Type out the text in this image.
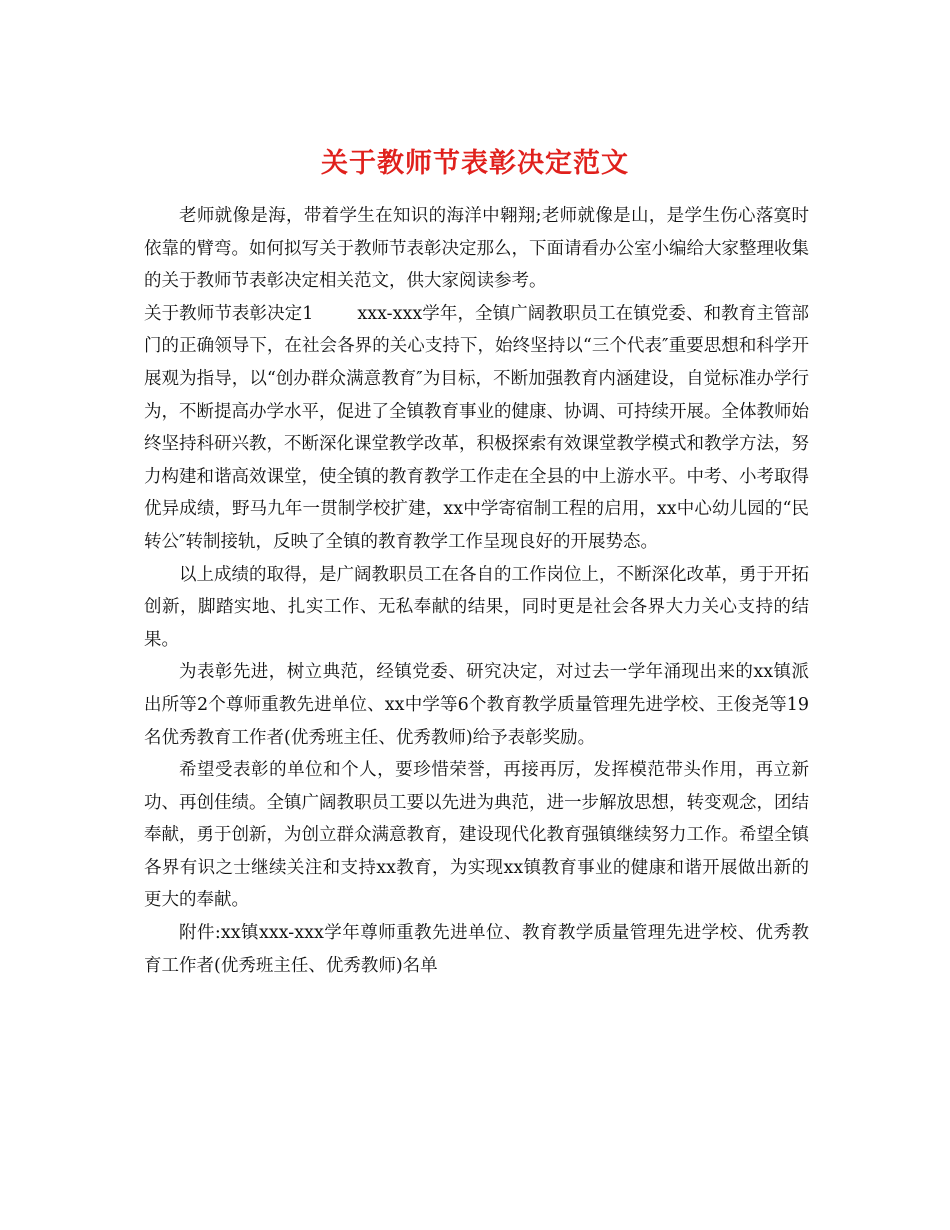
关于教师节表彰决定范文

老师就像是海，带着学生在知识的海洋中翱翔;老师就像是山，是学生伤心落寞时依靠的臂弯。如何拟写关于教师节表彰决定那么，下面请看办公室小编给大家整理收集的关于教师节表彰决定相关范文，供大家阅读参考。

关于教师节表彰决定1	xxx-xxx学年，全镇广阔教职员工在镇党委、和教育主管部门的正确领导下，在社会各界的关心支持下，始终坚持以“三个代表″重要思想和科学开展观为指导，以“创办群众满意教育″为目标，不断加强教育内涵建设，自觉标准办学行为，不断提高办学水平，促进了全镇教育事业的健康、协调、可持续开展。全体教师始终坚持科研兴教，不断深化课堂教学改革，积极探索有效课堂教学模式和教学方法，努力构建和谐高效课堂，使全镇的教育教学工作走在全县的中上游水平。中考、小考取得优异成绩，野马九年一贯制学校扩建，xx中学寄宿制工程的启用，xx中心幼儿园的“民转公″转制接轨，反映了全镇的教育教学工作呈现良好的开展势态。

以上成绩的取得，是广阔教职员工在各自的工作岗位上，不断深化改革，勇于开拓创新，脚踏实地、扎实工作、无私奉献的结果，同时更是社会各界大力关心支持的结果。

为表彰先进，树立典范，经镇党委、研究决定，对过去一学年涌现出来的xx镇派出所等2个尊师重教先进单位、xx中学等6个教育教学质量管理先进学校、王俊尧等19名优秀教育工作者(优秀班主任、优秀教师)给予表彰奖励。

希望受表彰的单位和个人，要珍惜荣誉，再接再厉，发挥模范带头作用，再立新功、再创佳绩。全镇广阔教职员工要以先进为典范，进一步解放思想，转变观念，团结奉献，勇于创新，为创立群众满意教育，建设现代化教育强镇继续努力工作。希望全镇各界有识之士继续关注和支持xx教育，为实现xx镇教育事业的健康和谐开展做出新的更大的奉献。

附件:xx镇xxx-xxx学年尊师重教先进单位、教育教学质量管理先进学校、优秀教育工作者(优秀班主任、优秀教师)名单
